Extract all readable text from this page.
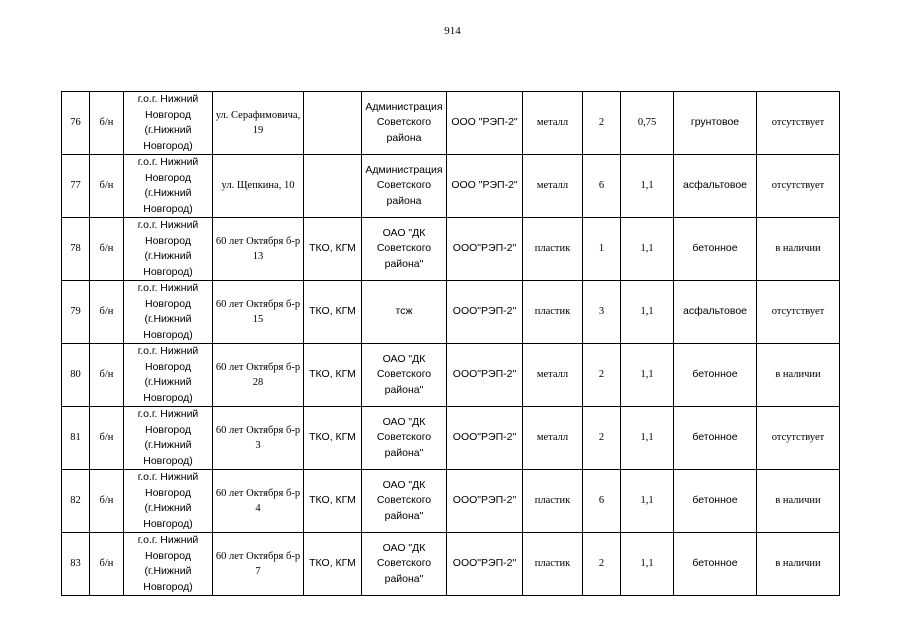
914
76	б/н	г.о.г. Нижний Новгород (г.Нижний Новгород)	ул. Серафимовича, 19		Администрация Советского района	ООО "РЭП-2"	металл	2	0,75	грунтовое	отсутствует
77	б/н	г.о.г. Нижний Новгород (г.Нижний Новгород)	ул. Щепкина, 10		Администрация Советского района	ООО "РЭП-2"	металл	6	1,1	асфальтовое	отсутствует
78	б/н	г.о.г. Нижний Новгород (г.Нижний Новгород)	60 лет Октября б-р 13	ТКО, КГМ	ОАО "ДК Советского района"	ООО"РЭП-2"	пластик	1	1,1	бетонное	в наличии
79	б/н	г.о.г. Нижний Новгород (г.Нижний Новгород)	60 лет Октября б-р 15	ТКО, КГМ	тсж	ООО"РЭП-2"	пластик	3	1,1	асфальтовое	отсутствует
80	б/н	г.о.г. Нижний Новгород (г.Нижний Новгород)	60 лет Октября б-р 28	ТКО, КГМ	ОАО "ДК Советского района"	ООО"РЭП-2"	металл	2	1,1	бетонное	в наличии
81	б/н	г.о.г. Нижний Новгород (г.Нижний Новгород)	60 лет Октября б-р 3	ТКО, КГМ	ОАО "ДК Советского района"	ООО"РЭП-2"	металл	2	1,1	бетонное	отсутствует
82	б/н	г.о.г. Нижний Новгород (г.Нижний Новгород)	60 лет Октября б-р 4	ТКО, КГМ	ОАО "ДК Советского района"	ООО"РЭП-2"	пластик	6	1,1	бетонное	в наличии
83	б/н	г.о.г. Нижний Новгород (г.Нижний Новгород)	60 лет Октября б-р 7	ТКО, КГМ	ОАО "ДК Советского района"	ООО"РЭП-2"	пластик	2	1,1	бетонное	в наличии
